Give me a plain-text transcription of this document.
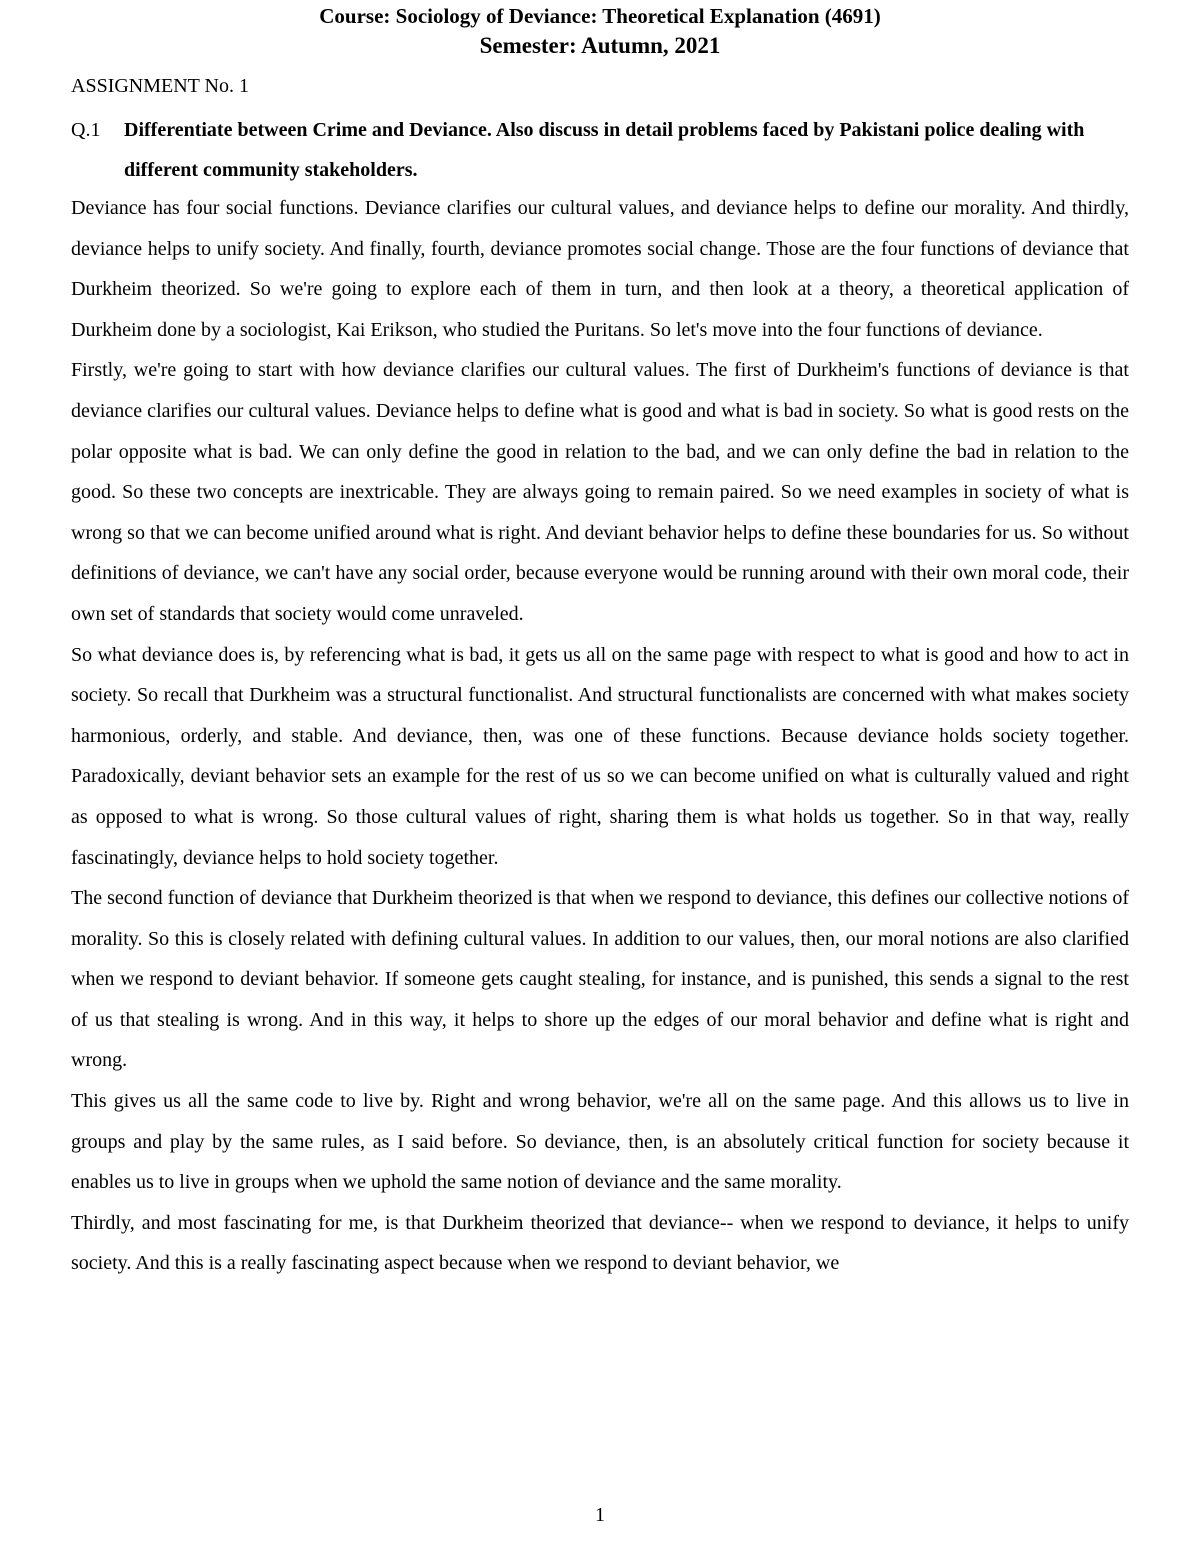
Course: Sociology of Deviance: Theoretical Explanation (4691)
Semester: Autumn, 2021
ASSIGNMENT No. 1
Q.1	Differentiate between Crime and Deviance. Also discuss in detail problems faced by Pakistani police dealing with different community stakeholders.

Deviance has four social functions. Deviance clarifies our cultural values, and deviance helps to define our morality. And thirdly, deviance helps to unify society. And finally, fourth, deviance promotes social change. Those are the four functions of deviance that Durkheim theorized. So we're going to explore each of them in turn, and then look at a theory, a theoretical application of Durkheim done by a sociologist, Kai Erikson, who studied the Puritans. So let's move into the four functions of deviance.

Firstly, we're going to start with how deviance clarifies our cultural values. The first of Durkheim's functions of deviance is that deviance clarifies our cultural values. Deviance helps to define what is good and what is bad in society. So what is good rests on the polar opposite what is bad. We can only define the good in relation to the bad, and we can only define the bad in relation to the good. So these two concepts are inextricable. They are always going to remain paired. So we need examples in society of what is wrong so that we can become unified around what is right. And deviant behavior helps to define these boundaries for us. So without definitions of deviance, we can't have any social order, because everyone would be running around with their own moral code, their own set of standards that society would come unraveled.

So what deviance does is, by referencing what is bad, it gets us all on the same page with respect to what is good and how to act in society. So recall that Durkheim was a structural functionalist. And structural functionalists are concerned with what makes society harmonious, orderly, and stable. And deviance, then, was one of these functions. Because deviance holds society together. Paradoxically, deviant behavior sets an example for the rest of us so we can become unified on what is culturally valued and right as opposed to what is wrong. So those cultural values of right, sharing them is what holds us together. So in that way, really fascinatingly, deviance helps to hold society together.

The second function of deviance that Durkheim theorized is that when we respond to deviance, this defines our collective notions of morality. So this is closely related with defining cultural values. In addition to our values, then, our moral notions are also clarified when we respond to deviant behavior. If someone gets caught stealing, for instance, and is punished, this sends a signal to the rest of us that stealing is wrong. And in this way, it helps to shore up the edges of our moral behavior and define what is right and wrong.

This gives us all the same code to live by. Right and wrong behavior, we're all on the same page. And this allows us to live in groups and play by the same rules, as I said before. So deviance, then, is an absolutely critical function for society because it enables us to live in groups when we uphold the same notion of deviance and the same morality.

Thirdly, and most fascinating for me, is that Durkheim theorized that deviance-- when we respond to deviance, it helps to unify society. And this is a really fascinating aspect because when we respond to deviant behavior, we

1
